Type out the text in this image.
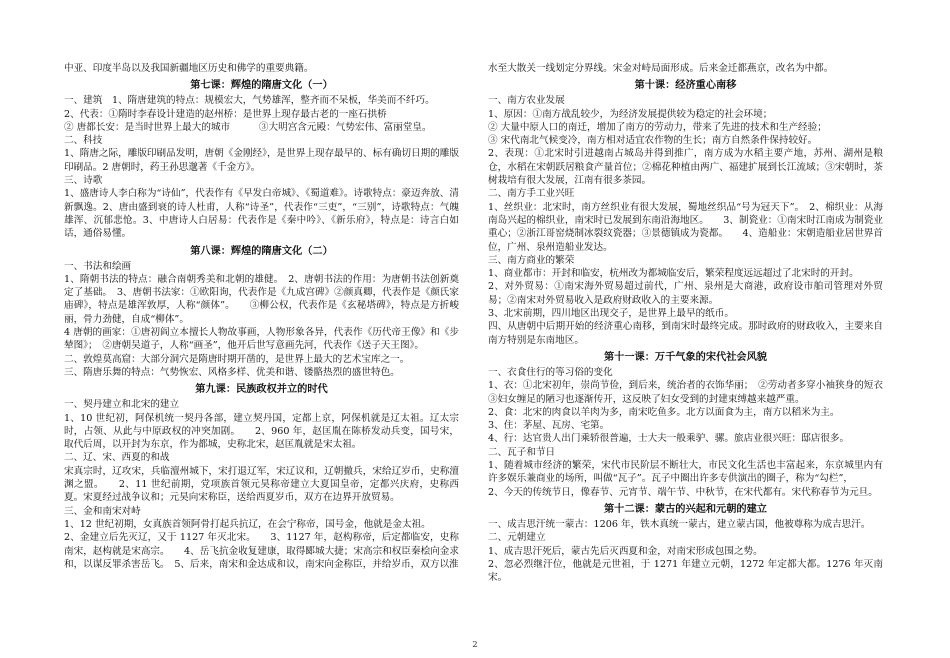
中亚、印度半岛以及我国新疆地区历史和佛学的重要典籍。

第七课：辉煌的隋唐文化（一）

一、建筑　1、隋唐建筑的特点：规模宏大，气势雄浑，整齐而不呆板，华美而不纤巧。

2、代表：①隋时李春设计建造的赵州桥：是世界上现存最古老的一座石拱桥

② 唐都长安：是当时世界上最大的城市　　　③大明宫含元殿：气势宏伟、富丽堂皇。

二、科技

1、隋唐之际，雕版印刷品发明，唐朝《金刚经》，是世界上现存最早的、标有确切日期的雕版印刷品。2 唐朝时，药王孙思邈著《千金方》。

三、诗歌

1、盛唐诗人李白称为“诗仙”，代表作有《早发白帝城》、《蜀道难》。诗歌特点：豪迈奔放、清新飘逸。2、唐由盛到衰的诗人杜甫，人称“诗圣”，代表作“三吏”，“三别”，诗歌特点：气魄雄浑、沉郁悲怆。3、中唐诗人白居易：代表作是《秦中吟》、《新乐府》，特点是：诗言白如话，通俗易懂。

第八课：辉煌的隋唐文化（二）

一、书法和绘画

1、隋朝书法的特点：融合南朝秀美和北朝的雄健。　2、唐朝书法的作用：为唐朝书法创新奠定了基础。　3、唐朝书法家：①欧阳询，代表作是《九成宫碑》②颜真卿，代表作是《颜氏家庙碑》，特点是雄浑敦厚，人称“颜体”。　　③柳公权，代表作是《玄秘塔碑》，特点是方折峻丽，骨力劲健，自成“柳体”。

4 唐朝的画家：①唐初阎立本擅长人物故事画，人物形象各异，代表作《历代帝王像》和《步辇图》；　②唐朝吴道子，人称“画圣”，他开后世写意画先河，代表作《送子天王图》。

二、敦煌莫高窟：大部分洞穴是隋唐时期开凿的，是世界上最大的艺术宝库之一。

三、隋唐乐舞的特点：气势恢宏、风格多样、优美和谐、镂骼热烈的盛世特色。

第九课：民族政权并立的时代

一、契丹建立和北宋的建立

1、10 世纪初，阿保机统一契丹各部，建立契丹国，定都上京，阿保机就是辽太祖。辽太宗时，占领、从此与中原政权的冲突加剧。　　2、960 年，赵匡胤在陈桥发动兵变，国号宋，取代后周，以开封为东京，作为都城，史称北宋，赵匡胤就是宋太祖。

二、辽、宋、西夏的和战

宋真宗时，辽攻宋，兵临澶州城下，宋打退辽军，宋辽议和，辽朝撤兵，宋给辽岁币，史称澶渊之盟。　　2、11 世纪前期，党项族首领元昊称帝建立大夏国皇帝，定都兴庆府，史称西夏。宋夏经过战争议和；元昊向宋称臣，送给西夏岁币，双方在边界开放贸易。

三、金和南宋对峙

1、12 世纪初期，女真族首领阿骨打起兵抗辽，在会宁称帝，国号金，他就是金太祖。

2、金建立后先灭辽，又于 1127 年灭北宋。　　3、1127 年，赵构称帝，后定都临安，史称南宋，赵构就是宋高宗。　　4、岳飞抗金收复建康，取得郾城大捷；宋高宗和权臣秦桧向金求和，以谋反罪杀害岳飞。　5、后来，南宋和金达成和议，南宋向金称臣，并给岁币，双方以淮

水至大散关一线划定分界线。宋金对峙局面形成。后来金迁都燕京，改名为中都。

第十课：经济重心南移

一、南方农业发展

1、原因：①南方战乱较少，为经济发展提供较为稳定的社会环境；

② 大量中原人口的南迁，增加了南方的劳动力，带来了先进的技术和生产经验；

③ 宋代南北气候变冷，南方相对适宜农作物的生长；南方自然条件保持较好。

2、表现：①北宋时引进越南占城岛并得到推广，南方成为水稻主要产地，苏州、湖州是粮仓，水稻在宋朝跃居粮食产量首位；②棉花种植由两广、福建扩展到长江流域；③宋朝时，茶树栽培有很大发展，江南有很多茶园。

二、南方手工业兴旺

1、丝织业：北宋时，南方丝织业有很大发展，蜀地丝织品“号为冠天下”。　2、棉织业：从海南岛兴起的棉织业，南宋时已发展到东南沿海地区。　　3、制瓷业：①南宋时江南成为制瓷业重心；②浙江哥窑烧制冰裂纹瓷器；③景德镇成为瓷都。　　4、造船业：宋朝造船业居世界首位，广州、泉州造船业发达。

三、南方商业的繁荣

1、商业都市：开封和临安，杭州改为都城临安后，繁荣程度远远超过了北宋时的开封。

2、对外贸易：①南宋海外贸易超过前代，广州、泉州是大商港，政府设市舶司管理对外贸易；②南宋对外贸易收入是政府财政收入的主要来源。

3、北宋前期，四川地区出现交子，是世界上最早的纸币。

四、从唐朝中后期开始的经济重心南移，到南宋时最终完成。那时政府的财政收入，主要来自南方特别是东南地区。

第十一课：万千气象的宋代社会风貌

一、衣食住行的等习俗的变化

1、衣：①北宋初年，崇尚节俭，到后来，统治者的衣饰华丽；　②劳动者多穿小袖狭身的短衣　③妇女缠足的陋习也逐渐传开，这反映了妇女受到的封建束缚越来越严重。

2、食：北宋的肉食以羊肉为多，南宋吃鱼多。北方以面食为主，南方以稻米为主。

3、住：茅屋、瓦房、宅第。

4、行：达官贵人出门乘轿很普遍，士大夫一般乘驴、骡。旅店业很兴旺：邸店很多。

二、瓦子和节日

1、随着城市经济的繁荣，宋代市民阶层不断壮大，市民文化生活也丰富起来，东京城里内有许多娱乐兼商业的场所，叫做“瓦子”。瓦子中圈出许多专供演出的圈子，称为“勾栏”，

2、今天的传统节日，像春节、元宵节、端午节、中秋节，在宋代都有。宋代称春节为元旦。

第十二课：蒙古的兴起和元朝的建立

一、成吉思汗统一蒙古：1206 年，铁木真统一蒙古，建立蒙古国，他被尊称为成吉思汗。

二、元朝建立

1、成吉思汗死后，蒙古先后灭西夏和金，对南宋形成包围之势。

2、忽必烈继汗位，他就是元世祖，于 1271 年建立元朝，1272 年定都大都。1276 年灭南宋。

2
